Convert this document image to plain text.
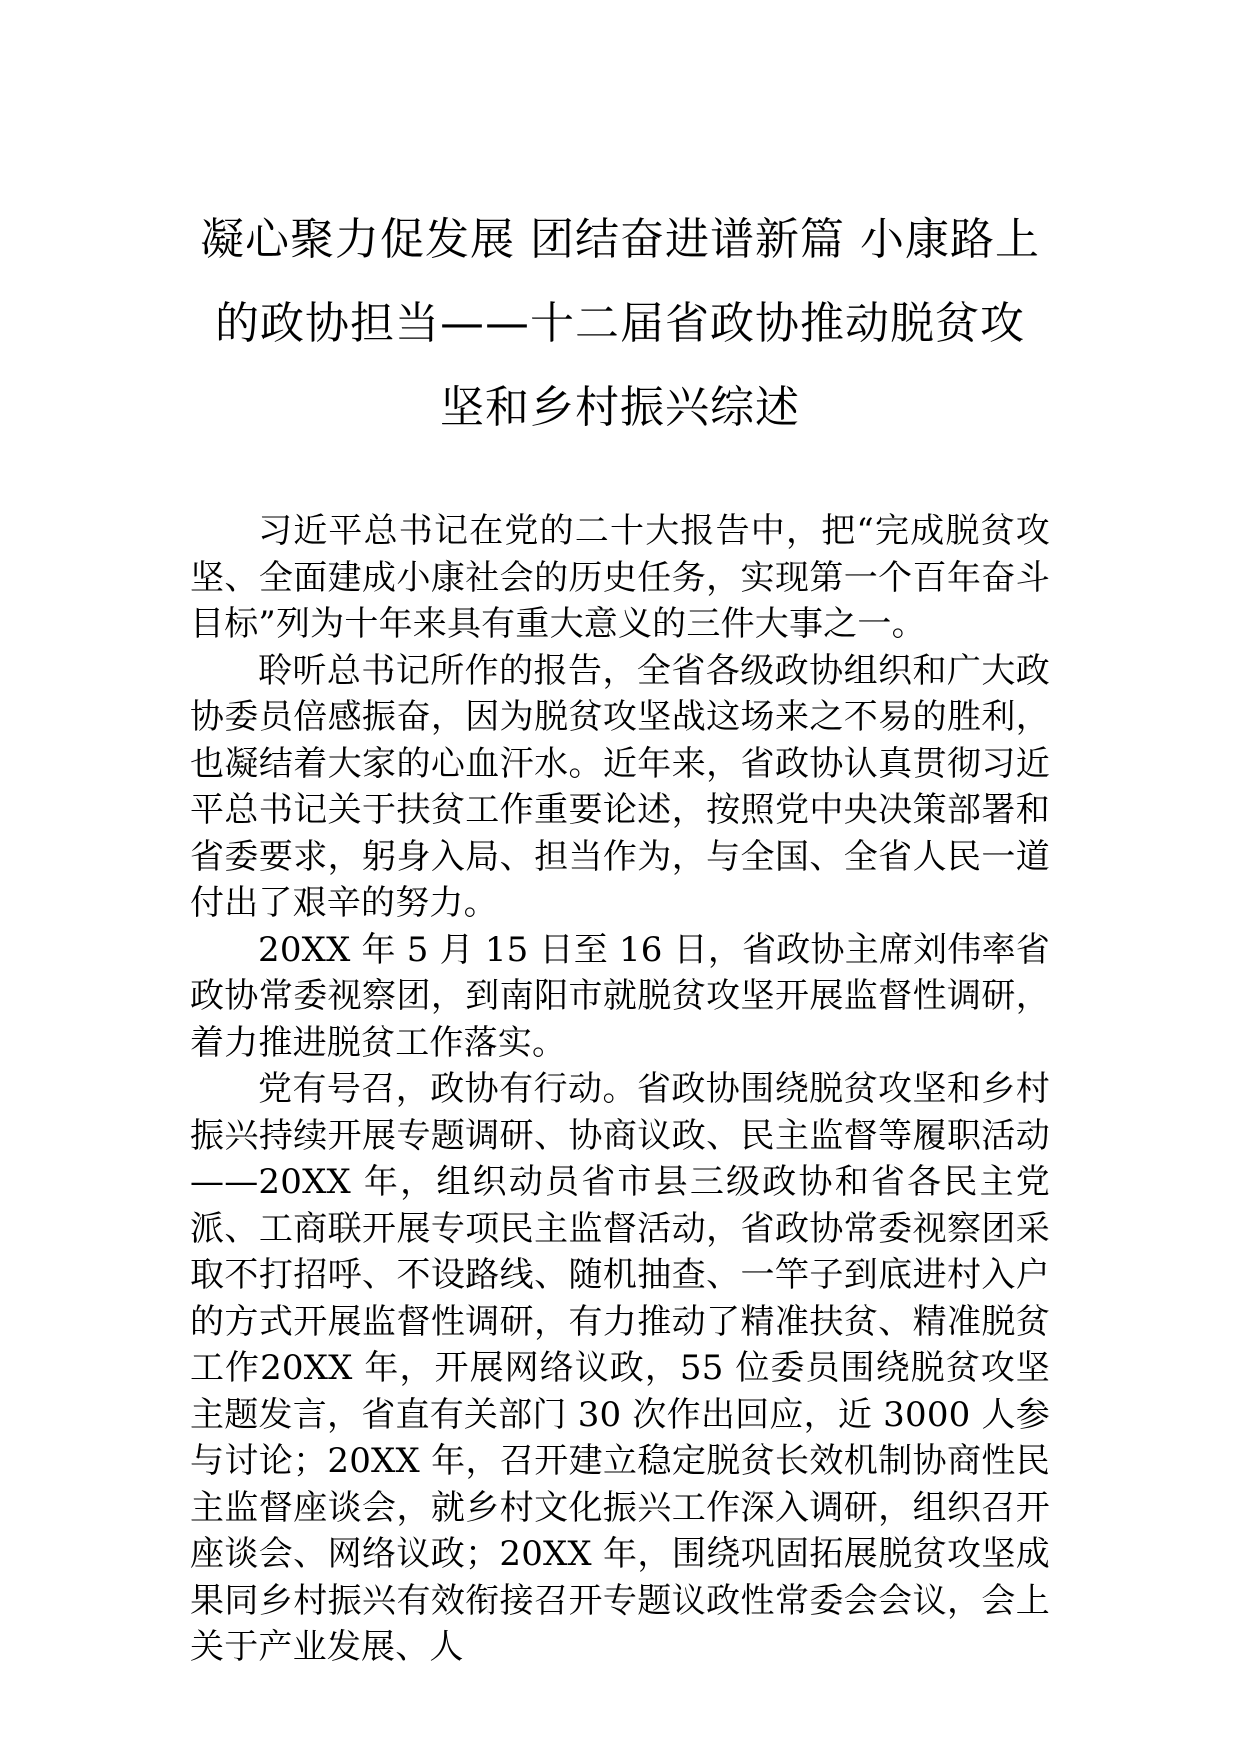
凝心聚力促发展 团结奋进谱新篇 小康路上
的政协担当——十二届省政协推动脱贫攻
坚和乡村振兴综述

习近平总书记在党的二十大报告中，把“完成脱贫攻坚、全面建成小康社会的历史任务，实现第一个百年奋斗目标”列为十年来具有重大意义的三件大事之一。

聆听总书记所作的报告，全省各级政协组织和广大政协委员倍感振奋，因为脱贫攻坚战这场来之不易的胜利，也凝结着大家的心血汗水。近年来，省政协认真贯彻习近平总书记关于扶贫工作重要论述，按照党中央决策部署和省委要求，躬身入局、担当作为，与全国、全省人民一道付出了艰辛的努力。

20XX 年 5 月 15 日至 16 日，省政协主席刘伟率省政协常委视察团，到南阳市就脱贫攻坚开展监督性调研，着力推进脱贫工作落实。

党有号召，政协有行动。省政协围绕脱贫攻坚和乡村振兴持续开展专题调研、协商议政、民主监督等履职活动——20XX 年，组织动员省市县三级政协和省各民主党派、工商联开展专项民主监督活动，省政协常委视察团采取不打招呼、不设路线、随机抽查、一竿子到底进村入户的方式开展监督性调研，有力推动了精准扶贫、精准脱贫工作20XX 年，开展网络议政，55 位委员围绕脱贫攻坚主题发言，省直有关部门 30 次作出回应，近 3000 人参与讨论；20XX 年，召开建立稳定脱贫长效机制协商性民主监督座谈会，就乡村文化振兴工作深入调研，组织召开座谈会、网络议政；20XX 年，围绕巩固拓展脱贫攻坚成果同乡村振兴有效衔接召开专题议政性常委会会议，会上关于产业发展、人
